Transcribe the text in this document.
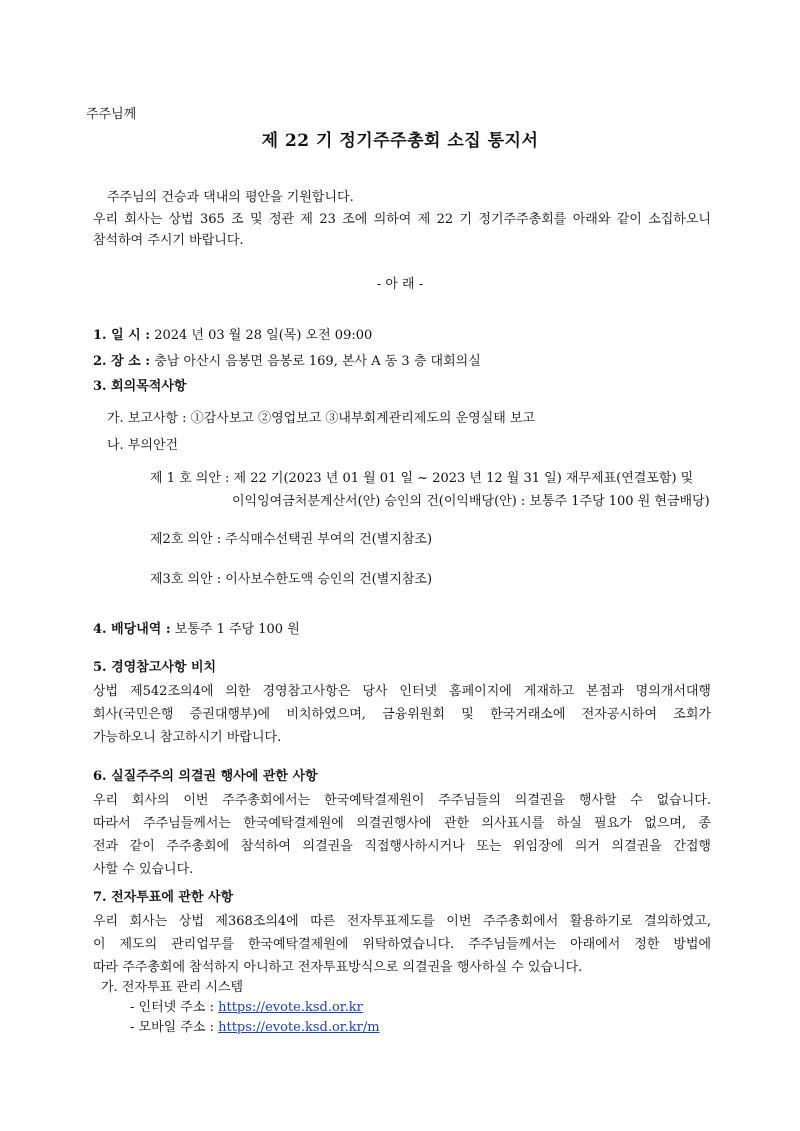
주주님께
제 22 기 정기주주총회 소집 통지서
주주님의 건승과 댁내의 평안을 기원합니다.
우리 회사는 상법 365 조 및 정관 제 23 조에 의하여 제 22 기 정기주주총회를 아래와 같이 소집하오니
참석하여 주시기 바랍니다.
- 아 래 -
1. 일 시 : 2024 년 03 월 28 일(목) 오전 09:00
2. 장 소 : 충남 아산시 음봉면 음봉로 169, 본사 A 동 3 층 대회의실
3. 회의목적사항
가. 보고사항 : ①감사보고 ②영업보고 ③내부회계관리제도의 운영실태 보고
나. 부의안건
제 1 호 의안 : 제 22 기(2023 년 01 월 01 일 ~ 2023 년 12 월 31 일) 재무제표(연결포함) 및
이익잉여금처분계산서(안) 승인의 건(이익배당(안) : 보통주 1주당 100 원 현금배당)
제2호 의안 : 주식매수선택권 부여의 건(별지참조)
제3호 의안 : 이사보수한도액 승인의 건(별지참조)
4. 배당내역 : 보통주 1 주당 100 원
5. 경영참고사항 비치
상법 제542조의4에 의한 경영참고사항은 당사 인터넷 홈페이지에 게재하고 본점과 명의개서대행
회사(국민은행 증권대행부)에 비치하였으며, 금융위원회 및 한국거래소에 전자공시하여 조회가
가능하오니 참고하시기 바랍니다.
6. 실질주주의 의결권 행사에 관한 사항
우리 회사의 이번 주주총회에서는 한국예탁결제원이 주주님들의 의결권을 행사할 수 없습니다.
따라서 주주님들께서는 한국예탁결제원에 의결권행사에 관한 의사표시를 하실 필요가 없으며, 종
전과 같이 주주총회에 참석하여 의결권을 직접행사하시거나 또는 위임장에 의거 의결권을 간접행
사할 수 있습니다.
7. 전자투표에 관한 사항
우리 회사는 상법 제368조의4에 따른 전자투표제도를 이번 주주총회에서 활용하기로 결의하였고,
이 제도의 관리업무를 한국예탁결제원에 위탁하였습니다. 주주님들께서는 아래에서 정한 방법에
따라 주주총회에 참석하지 아니하고 전자투표방식으로 의결권을 행사하실 수 있습니다.
가. 전자투표 관리 시스템
- 인터넷 주소 : https://evote.ksd.or.kr
- 모바일 주소 : https://evote.ksd.or.kr/m
